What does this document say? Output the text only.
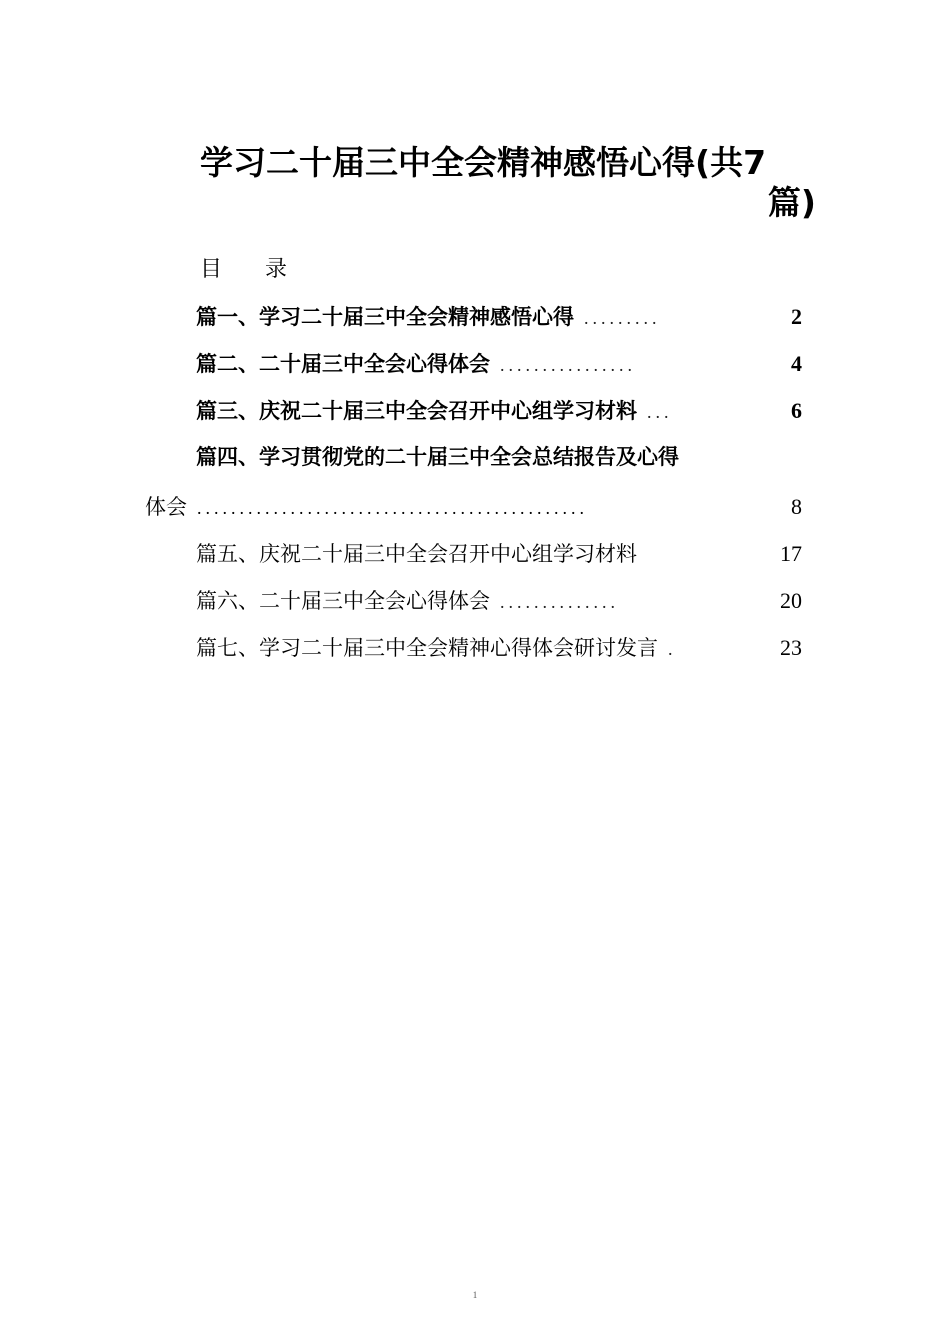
学习二十届三中全会精神感悟心得(共7
篇)
目 录
篇一、学习二十届三中全会精神感悟心得 .........	2
篇二、二十届三中全会心得体会 ................	4
篇三、庆祝二十届三中全会召开中心组学习材料 ...	6
篇四、学习贯彻党的二十届三中全会总结报告及心得
体会 ..............................................	8
篇五、庆祝二十届三中全会召开中心组学习材料	17
篇六、二十届三中全会心得体会 ..............	20
篇七、学习二十届三中全会精神心得体会研讨发言 .	23
1
